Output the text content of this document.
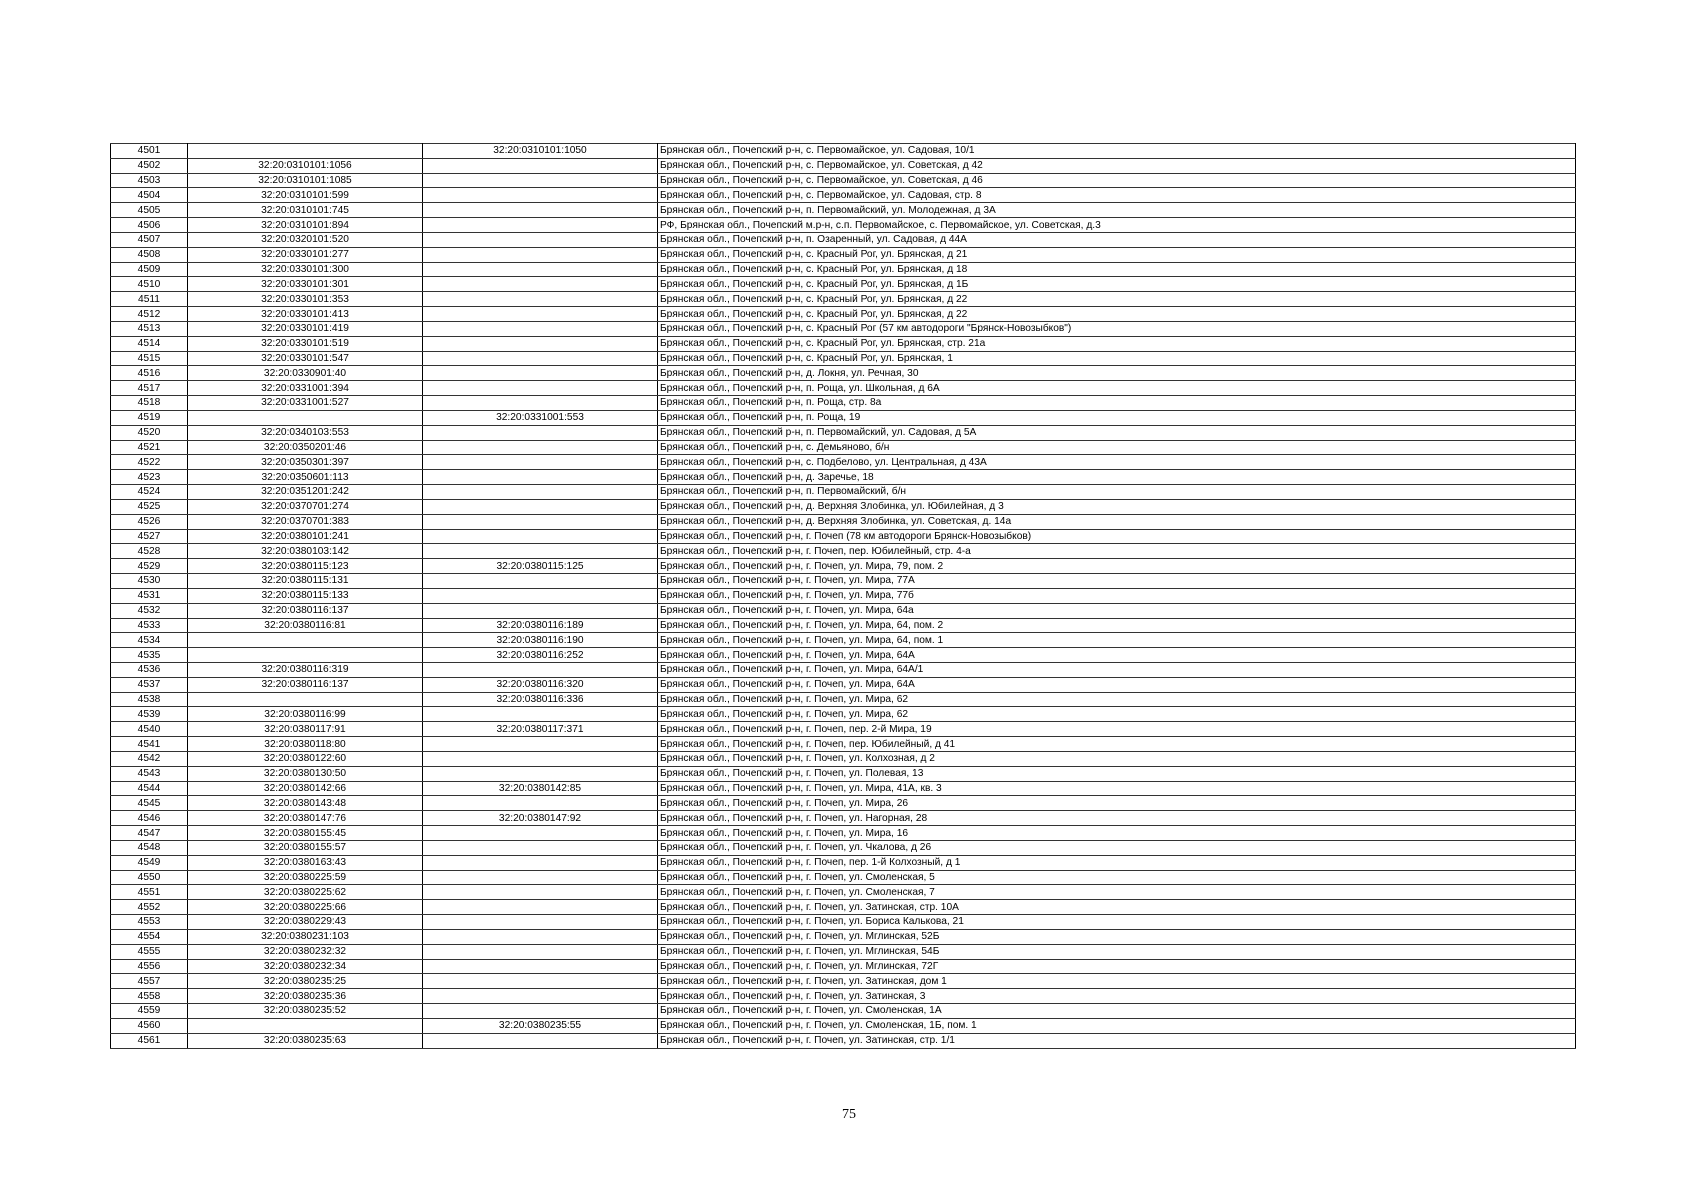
4501		32:20:0310101:1050	Брянская обл., Почепский р-н, с. Первомайское, ул. Садовая, 10/1
4502	32:20:0310101:1056		Брянская обл., Почепский р-н, с. Первомайское, ул. Советская, д 42
4503	32:20:0310101:1085		Брянская обл., Почепский р-н, с. Первомайское, ул. Советская, д 46
4504	32:20:0310101:599		Брянская обл., Почепский р-н, с. Первомайское, ул. Садовая, стр. 8
4505	32:20:0310101:745		Брянская обл., Почепский р-н, п. Первомайский, ул. Молодежная, д 3А
4506	32:20:0310101:894		РФ, Брянская обл., Почепский м.р-н, с.п. Первомайское, с. Первомайское, ул. Советская, д.3
4507	32:20:0320101:520		Брянская обл., Почепский р-н, п. Озаренный, ул. Садовая, д 44А
4508	32:20:0330101:277		Брянская обл., Почепский р-н, с. Красный Рог, ул. Брянская, д 21
4509	32:20:0330101:300		Брянская обл., Почепский р-н, с. Красный Рог, ул. Брянская, д 18
4510	32:20:0330101:301		Брянская обл., Почепский р-н, с. Красный Рог, ул. Брянская, д 1Б
4511	32:20:0330101:353		Брянская обл., Почепский р-н, с. Красный Рог, ул. Брянская, д 22
4512	32:20:0330101:413		Брянская обл., Почепский р-н, с. Красный Рог, ул. Брянская, д 22
4513	32:20:0330101:419		Брянская обл., Почепский р-н, с. Красный Рог (57 км автодороги "Брянск-Новозыбков")
4514	32:20:0330101:519		Брянская обл., Почепский р-н, с. Красный Рог, ул. Брянская, стр. 21а
4515	32:20:0330101:547		Брянская обл., Почепский р-н, с. Красный Рог, ул. Брянская, 1
4516	32:20:0330901:40		Брянская обл., Почепский р-н, д. Локня, ул. Речная, 30
4517	32:20:0331001:394		Брянская обл., Почепский р-н, п. Роща, ул. Школьная, д 6А
4518	32:20:0331001:527		Брянская обл., Почепский р-н, п. Роща, стр. 8а
4519		32:20:0331001:553	Брянская обл., Почепский р-н, п. Роща, 19
4520	32:20:0340103:553		Брянская обл., Почепский р-н, п. Первомайский, ул. Садовая, д 5А
4521	32:20:0350201:46		Брянская обл., Почепский р-н, с. Демьяново, б/н
4522	32:20:0350301:397		Брянская обл., Почепский р-н, с. Подбелово, ул. Центральная, д 43А
4523	32:20:0350601:113		Брянская обл., Почепский р-н, д. Заречье, 18
4524	32:20:0351201:242		Брянская обл., Почепский р-н, п. Первомайский, б/н
4525	32:20:0370701:274		Брянская обл., Почепский р-н, д. Верхняя Злобинка, ул. Юбилейная, д 3
4526	32:20:0370701:383		Брянская обл., Почепский р-н, д. Верхняя Злобинка, ул. Советская, д. 14а
4527	32:20:0380101:241		Брянская обл., Почепский р-н, г. Почеп (78 км автодороги Брянск-Новозыбков)
4528	32:20:0380103:142		Брянская обл., Почепский р-н, г. Почеп, пер. Юбилейный, стр. 4-а
4529	32:20:0380115:123	32:20:0380115:125	Брянская обл., Почепский р-н, г. Почеп, ул. Мира, 79, пом. 2
4530	32:20:0380115:131		Брянская обл., Почепский р-н, г. Почеп, ул. Мира, 77А
4531	32:20:0380115:133		Брянская обл., Почепский р-н, г. Почеп, ул. Мира, 77б
4532	32:20:0380116:137		Брянская обл., Почепский р-н, г. Почеп, ул. Мира, 64а
4533	32:20:0380116:81	32:20:0380116:189	Брянская обл., Почепский р-н, г. Почеп, ул. Мира, 64, пом. 2
4534		32:20:0380116:190	Брянская обл., Почепский р-н, г. Почеп, ул. Мира, 64, пом. 1
4535		32:20:0380116:252	Брянская обл., Почепский р-н, г. Почеп, ул. Мира, 64А
4536	32:20:0380116:319		Брянская обл., Почепский р-н, г. Почеп, ул. Мира, 64А/1
4537	32:20:0380116:137	32:20:0380116:320	Брянская обл., Почепский р-н, г. Почеп, ул. Мира, 64А
4538		32:20:0380116:336	Брянская обл., Почепский р-н, г. Почеп, ул. Мира, 62
4539	32:20:0380116:99		Брянская обл., Почепский р-н, г. Почеп, ул. Мира, 62
4540	32:20:0380117:91	32:20:0380117:371	Брянская обл., Почепский р-н, г. Почеп, пер. 2-й Мира, 19
4541	32:20:0380118:80		Брянская обл., Почепский р-н, г. Почеп, пер. Юбилейный, д 41
4542	32:20:0380122:60		Брянская обл., Почепский р-н, г. Почеп, ул. Колхозная, д 2
4543	32:20:0380130:50		Брянская обл., Почепский р-н, г. Почеп, ул. Полевая, 13
4544	32:20:0380142:66	32:20:0380142:85	Брянская обл., Почепский р-н, г. Почеп, ул. Мира, 41А, кв. 3
4545	32:20:0380143:48		Брянская обл., Почепский р-н, г. Почеп, ул. Мира, 26
4546	32:20:0380147:76	32:20:0380147:92	Брянская обл., Почепский р-н, г. Почеп, ул. Нагорная, 28
4547	32:20:0380155:45		Брянская обл., Почепский р-н, г. Почеп, ул. Мира, 16
4548	32:20:0380155:57		Брянская обл., Почепский р-н, г. Почеп, ул. Чкалова, д 26
4549	32:20:0380163:43		Брянская обл., Почепский р-н, г. Почеп, пер. 1-й Колхозный, д 1
4550	32:20:0380225:59		Брянская обл., Почепский р-н, г. Почеп, ул. Смоленская, 5
4551	32:20:0380225:62		Брянская обл., Почепский р-н, г. Почеп, ул. Смоленская, 7
4552	32:20:0380225:66		Брянская обл., Почепский р-н, г. Почеп, ул. Затинская, стр. 10А
4553	32:20:0380229:43		Брянская обл., Почепский р-н, г. Почеп, ул. Бориса Калькова, 21
4554	32:20:0380231:103		Брянская обл., Почепский р-н, г. Почеп, ул. Мглинская, 52Б
4555	32:20:0380232:32		Брянская обл., Почепский р-н, г. Почеп, ул. Мглинская, 54Б
4556	32:20:0380232:34		Брянская обл., Почепский р-н, г. Почеп, ул. Мглинская, 72Г
4557	32:20:0380235:25		Брянская обл., Почепский р-н, г. Почеп, ул. Затинская, дом 1
4558	32:20:0380235:36		Брянская обл., Почепский р-н, г. Почеп, ул. Затинская, 3
4559	32:20:0380235:52		Брянская обл., Почепский р-н, г. Почеп, ул. Смоленская, 1А
4560		32:20:0380235:55	Брянская обл., Почепский р-н, г. Почеп, ул. Смоленская, 1Б, пом. 1
4561	32:20:0380235:63		Брянская обл., Почепский р-н, г. Почеп, ул. Затинская, стр. 1/1
75
